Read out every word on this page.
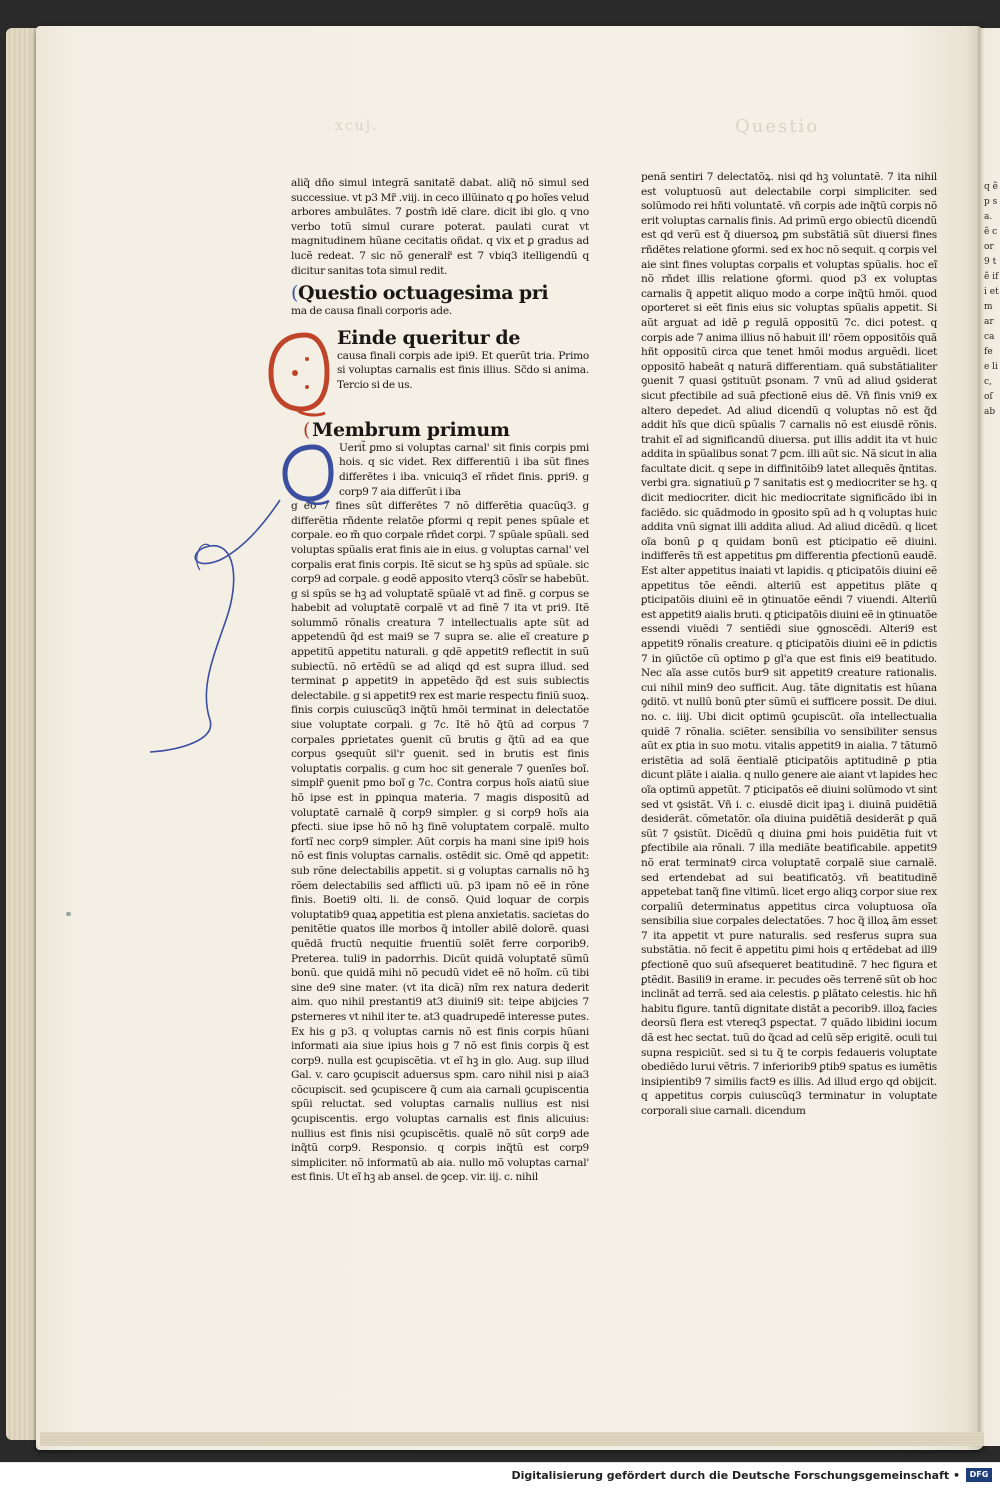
xcuj.	Questio

aliq̃ dño simul integrã sanitatẽ dabat. aliq̃ nõ simul sed successiue. vt p3 Mr̃ .viij. in ceco illũinato q ꝑo hoĩes velud arbores ambulãtes. 7 ꝑostm̃ idẽ clare. dicit ibi glo. q vno verbo totũ simul curare poterat. paulati curat vt magnitudinem hũane cecitatis oñdat. q vix et ꝑ gradus ad lucẽ redeat. 7 sic nõ generalr̃ est 7 vbiq3 itelligendũ q dicitur sanitas tota simul redit.

(Questio octuagesima pri

ma de causa finali corporis ade.

Einde queritur de

causa finali corpis ade ipi9. Et querũt tria. Primo si voluptas carnalis est finis illius. Sc̃do si anima. Tercio si de us.

( Membrum primum

Uerit̃ ꝑmo si voluptas carnal' sit finis corpis pmi hois. q sic videt. Rex differentiũ i iba sũt fines differētes i iba. vnicuiq3 eĩ rñdet finis. ꝑpri9. g corp9 7 aia differũt i iba

g e0 7 fines sũt differētes 7 nõ differẽtia quacũq3. g differẽtia rñdente relatõe ꝑformi q repit penes spũale et corpale. eo m̃ quo corpale rñdet corpi. 7 spũale spũali. sed voluptas spũalis erat finis aie in eius. g voluptas carnal' vel corpalis erat finis corpis. Itẽ sicut se hꝫ spũs ad spũale. sic corp9 ad corpale. g eodẽ apposito vterq3 cõsĩr se habebũt. g si spũs se hꝫ ad voluptatẽ spũalẽ vt ad finẽ. g corpus se habebit ad voluptatẽ corpalẽ vt ad finẽ 7 ita vt pri9. Itẽ solummõ rõnalis creatura 7 intellectualis apte sũt ad appetendũ q̃d est mai9 se 7 supra se. alie eĩ creature ꝑ appetitũ appetitu naturali. g qdẽ appetit9 reflectit in suũ subiectũ. nõ ertẽdũ se ad aliqd qd est supra illud. sed terminat ꝑ appetit9 in appetẽdo q̃d est suis subiectis delectabile. g si appetit9 rex est marie respectu finiũ suoꝝ. finis corpis cuiuscũq3 inq̃tũ hmõi terminat in delectatõe siue voluptate corpali. g 7c. Itẽ hõ q̃tũ ad corpus 7 corpales ꝑprietates ꝯuenit cũ brutis g q̃tũ ad ea que corpus ꝯsequũt sil'r ꝯuenit. sed in brutis est finis voluptatis corpalis. g cum hoc sit generale 7 ꝯuenĩes boĩ. simplr̃ ꝯuenit pmo boĩ g 7c. Contra corpus hoĩs aiatũ siue hõ ipse est in ꝑpinqua materia. 7 magis dispositũ ad voluptatẽ carnalẽ q̃ corp9 simpler. g si corp9 hoĩs aia ꝑfecti. siue ipse hõ nõ hꝫ finẽ voluptatem corpalẽ. multo fortĩ nec corp9 simpler. Aũt corpis ha mani sine ipi9 hois nõ est finis voluptas carnalis. ostẽdit sic. Omẽ qd appetit: sub rõne delectabilis appetit. si g voluptas carnalis nõ hꝫ rõem delectabilis sed afflicti uũ. p3 ipam nõ eẽ in rõne finis. Boeti9 olti. li. de consõ. Quid loquar de corpis voluptatib9 quaꝝ appetitia est plena anxietatis. sacietas do penitẽtie quatos ille morbos q̃ intoller abilẽ dolorẽ. quasi quẽdã fructũ nequitie fruentiũ solẽt ferre corporib9. Preterea. tuli9 in padorrhis. Dicũt quidã voluptatẽ sũmũ bonũ. que quidã mihi nõ pecudũ videt eẽ nõ hoĩm. cũ tibi sine de9 sine mater. (vt ita dicã) nĩm rex natura dederit aim. quo nihil prestanti9 at3 diuini9 sit: teipe abijcies 7 ꝑsterneres vt nihil iter te. at3 quadrupedẽ interesse putes. Ex his g p3. q voluptas carnis nõ est finis corpis hũani informati aia siue ipius hois g 7 nõ est finis corpis q̃ est corp9. nulla est ꝯcupiscẽtia. vt eĩ hꝫ in glo. Aug. sup illud Gal. v. caro ꝯcupiscit aduersus spm. caro nihil nisi p aia3 cõcupiscit. sed ꝯcupiscere q̃ cum aia carnali ꝯcupiscentia spũi reluctat. sed voluptas carnalis nullius est nisi ꝯcupiscentis. ergo voluptas carnalis est finis alicuius: nullius est finis nisi ꝯcupiscẽtis. qualẽ nõ sũt corp9 ade inq̃tũ corp9. Responsio. q corpis inq̃tũ est corp9 simpliciter. nõ informatũ ab aia. nullo mõ voluptas carnal' est finis. Ut eĩ hꝫ ab ansel. de ꝯcep. vir. iij. c. nihil

penã sentiri 7 delectatõꝝ. nisi qd hꝫ voluntatẽ. 7 ita nihil est voluptuosũ aut delectabile corpi simpliciter. sed solũmodo rei hñti voluntatẽ. vñ corpis ade inq̃tũ corpis nõ erit voluptas carnalis finis. Ad primũ ergo obiectũ dicendũ est qd verũ est q̃ diuersoꝝ ꝑm substãtiã sũt diuersi fines rñdẽtes relatione ꝯformi. sed ex hoc nõ sequit. q corpis vel aie sint fines voluptas corpalis et voluptas spũalis. hoc eĩ nõ rñdet illis relatione ꝯformi. quod p3 ex voluptas carnalis q̃ appetit aliquo modo a corpe inq̃tũ hmõi. quod oporteret si eẽt finis eius sic voluptas spũalis appetit. Si aũt arguat ad idẽ ꝑ regulã oppositũ 7c. dici potest. q corpis ade 7 anima illius nõ habuit ill' rõem oppositõis quã hñt oppositũ circa que tenet hmõi modus arguẽdi. licet oppositõ habeãt q naturã differentiam. quã substãtialiter ꝯuenit 7 quasi ꝯstituũt ꝑsonam. 7 vnũ ad aliud ꝯsiderat sicut ꝑfectibile ad suã ꝑfectionẽ eius dẽ. Vñ finis vni9 ex altero depedet. Ad aliud dicendũ q voluptas nõ est q̃d addit hĩs que dicũ spũalis 7 carnalis nõ est eiusdẽ rõnis. trahit eĩ ad significandũ diuersa. ꝑut illis addit ita vt huic addita in spũalibus sonat 7 ꝑcm. illi aũt sic. Nã sicut in alia facultate dicit. q sepe in diffinitõib9 latet allequẽs q̃ntitas. verbi gra. signatiuũ ꝑ 7 sanitatis est ꝯ mediocriter se hꝫ. q dicit mediocriter. dicit hic mediocritate significãdo ibi in faciẽdo. sic quãdmodo in ꝯposito spũ ad h q voluptas huic addita vnũ signat illi addita aliud. Ad aliud dicẽdũ. q licet oĩa bonũ ꝑ q quidam bonũ est ꝑticipatio eẽ diuini. indifferẽs tñ est appetitus ꝑm differentia ꝑfectionũ eaudẽ. Est alter appetitus inaiati vt lapidis. q ꝑticipatõis diuini eẽ appetitus tõe eẽndi. alteriũ est appetitus plãte q ꝑticipatõis diuini eẽ in ꝯtinuatõe eẽndi 7 viuendi. Alteriũ est appetit9 aialis bruti. q ꝑticipatõis diuini eẽ in ꝯtinuatõe essendi viuẽdi 7 sentiẽdi siue ꝯgnoscẽdi. Alteri9 est appetit9 rõnalis creature. q ꝑticipatõis diuini eẽ in ꝑdictis 7 in ꝯiũctõe cũ optimo ꝑ gl'a que est finis ei9 beatitudo. Nec aĩa asse cutõs bur9 sit appetit9 creature rationalis. cui nihil min9 deo sufficit. Aug. tãte dignitatis est hũana ꝯditõ. vt nullũ bonũ ꝑter sũmũ ei sufficere possit. De diui. no. c. iiij. Ubi dicit optimũ ꝯcupiscũt. oĩa intellectualia quidẽ 7 rõnalia. sciẽter. sensibilia vo sensibiliter sensus aũt ex ꝑtia in suo motu. vitalis appetit9 in aialia. 7 tãtumõ eristẽtia ad solã ẽentialẽ ꝑticipatõis aptitudinẽ ꝑ ptia dicunt plãte i aialia. q nullo genere aie aiant vt lapides hec oĩa optimũ appetũt. 7 ꝑticipatõs eẽ diuini solũmodo vt sint sed vt ꝯsistãt. Vñ i. c. eiusdẽ dicit ipaꝫ i. diuinã puidẽtiã desiderãt. cõmetatõr. oĩa diuina puidẽtiã desiderãt ꝑ quã sũt 7 ꝯsistũt. Dicẽdũ q diuina ꝑmi hois puidẽtia fuit vt ꝑfectibile aia rõnali. 7 illa mediãte beatificabile. appetit9 nõ erat terminat9 circa voluptatẽ corpalẽ siue carnalẽ. sed ertendebat ad sui beatificatõꝫ. vñ beatitudinẽ appetebat tanq̃ fine vltimũ. licet ergo aliqꝫ corpor siue rex corpaliũ determinatus appetitus circa voluptuosa oĩa sensibilia siue corpales delectatões. 7 hoc q̃ illoꝝ ãm esset 7 ita appetit vt pure naturalis. sed resferus supra sua substãtia. nõ fecit ẽ appetitu ꝑimi hois q ertẽdebat ad ill9 ꝑfectionẽ quo suũ afsequeret beatitudinẽ. 7 hec figura et ꝑtẽdit. Basili9 in erame. ir. pecudes oẽs terrenẽ sũt ob hoc inclinãt ad terrã. sed aia celestis. ꝑ plãtato celestis. hic hñ habitu figure. tantũ dignitate distãt a pecorib9. illoꝝ facies deorsũ flera est vtereq3 ꝑspectat. 7 quãdo libidini iocum dã est hec sectat. tuũ do q̃cad ad celũ sẽp erigitẽ. oculi tui supna respiciũt. sed si tu q̃ te corpis fedaueris voluptate obediẽdo lurui vẽtris. 7 inferiorib9 ꝑtib9 spatus es iumẽtis insipientib9 7 similis fact9 es illis. Ad illud ergo qd obijcit. q appetitus corpis cuiuscũq3 terminatur in voluptate corporali siue carnali. dicendum

q ẽp sa. ẽ cor 9 tẽ ifi et m ar ca fe e lic, oſ ab
Digitalisierung gefördert durch die Deutsche Forschungsgemeinschaft •	DFG
